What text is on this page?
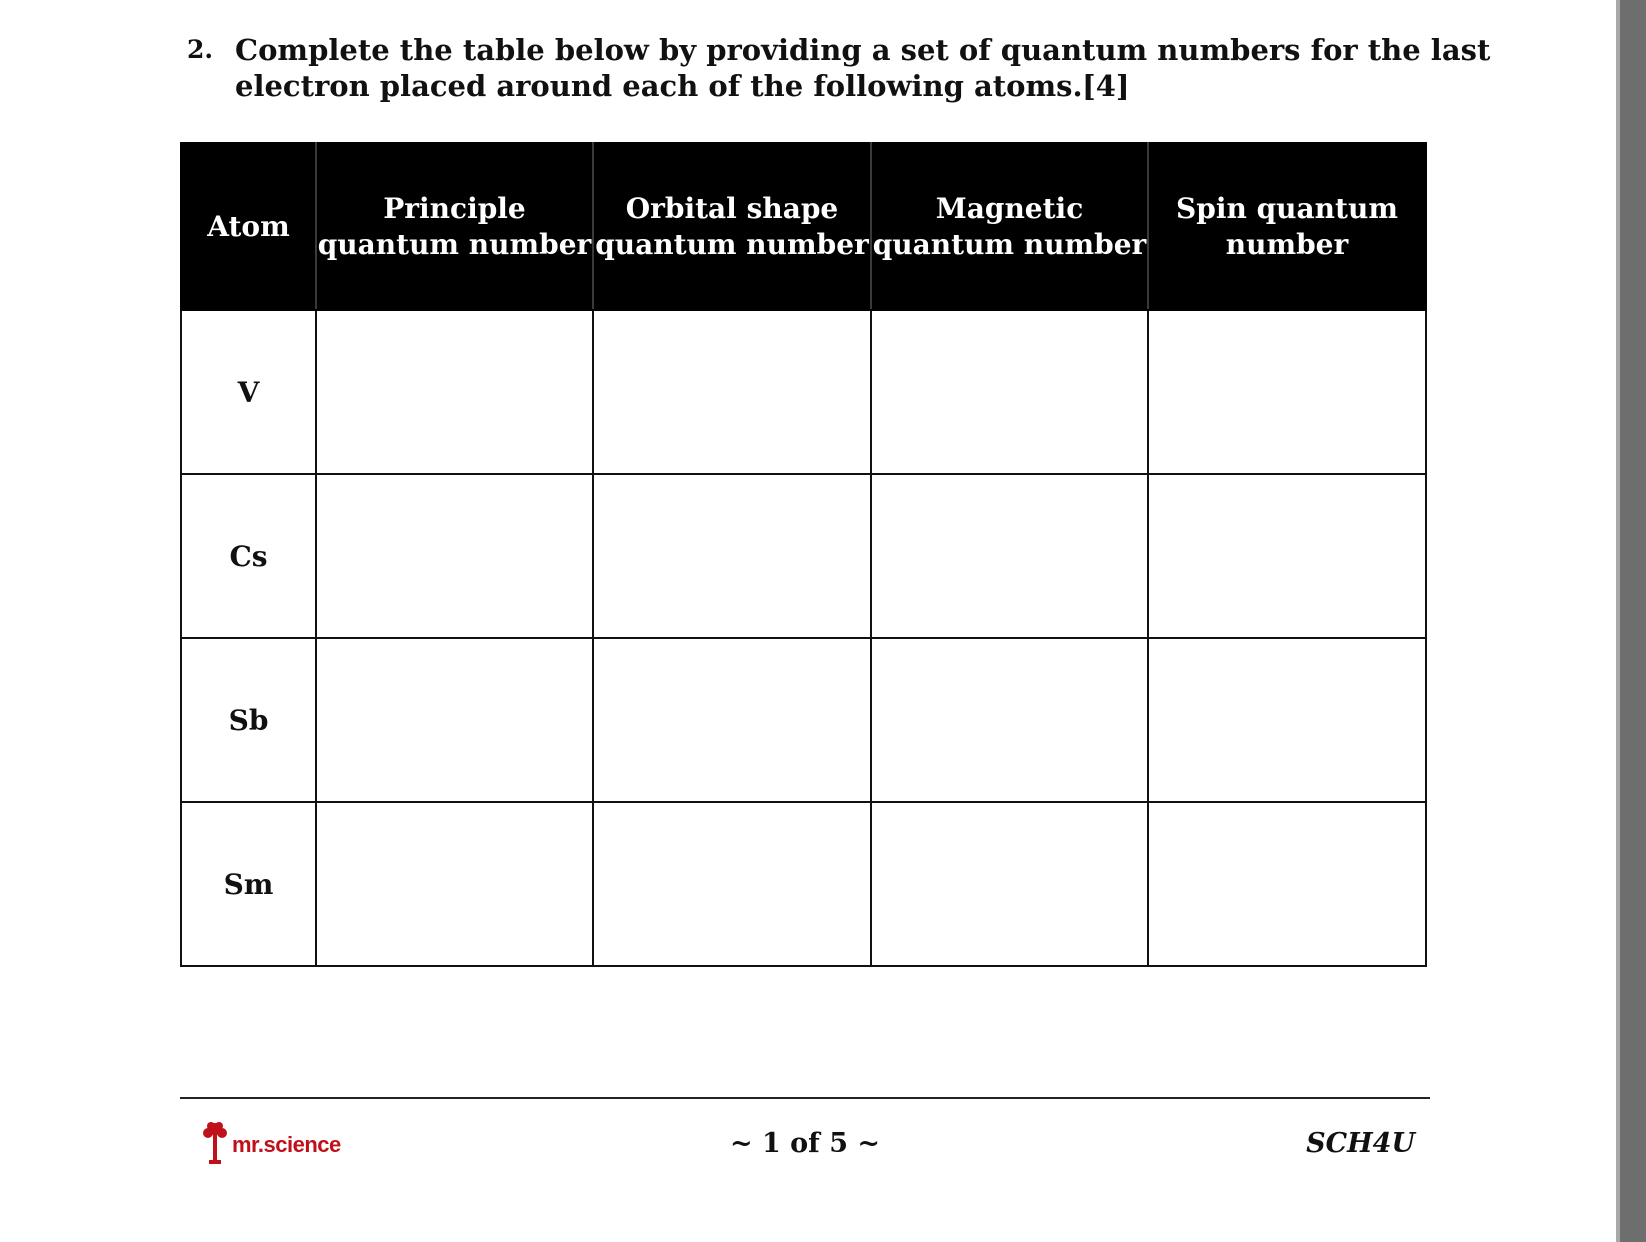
2. Complete the table below by providing a set of quantum numbers for the last
electron placed around each of the following atoms. [4]
Atom	Principle quantum number	Orbital shape quantum number	Magnetic quantum number	Spin quantum number
V				
Cs				
Sb				
Sm				
mr.science	~ 1 of 5 ~	SCH4U
